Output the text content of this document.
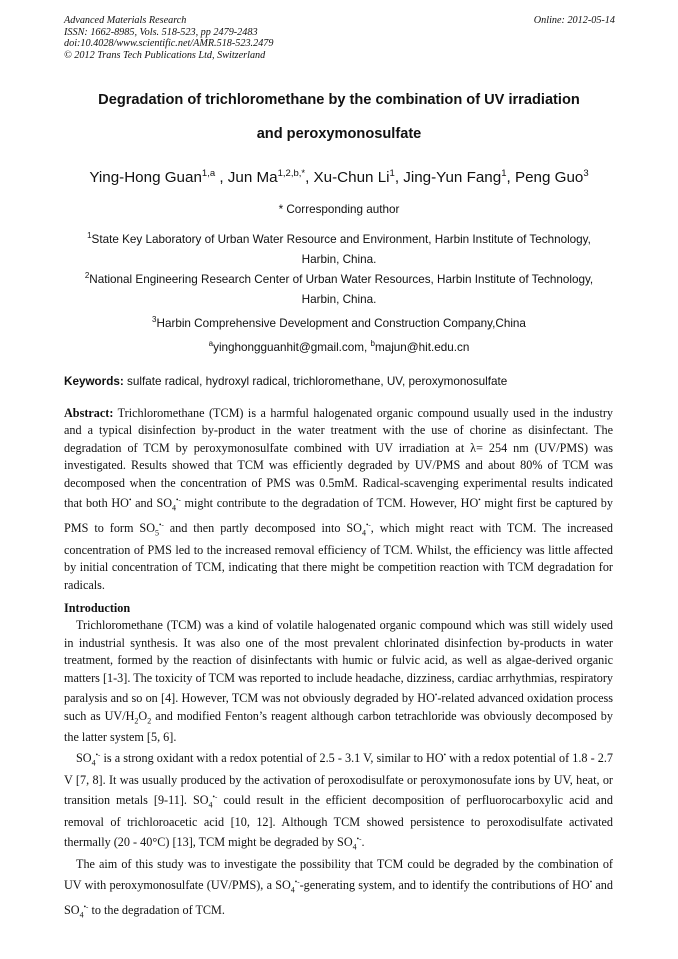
Advanced Materials Research
ISSN: 1662-8985, Vols. 518-523, pp 2479-2483
doi:10.4028/www.scientific.net/AMR.518-523.2479
© 2012 Trans Tech Publications Ltd, Switzerland
Online: 2012-05-14
Degradation of trichloromethane by the combination of UV irradiation
and peroxymonosulfate
Ying-Hong Guan$^{1,a}$ , Jun $Ma^{1,2,b,*}$, Xu-Chun Li$^1$, Jing-Yun Fang$^1$, Peng Guo$^3$
* Corresponding author
$^1$State Key Laboratory of Urban Water Resource and Environment, Harbin Institute of Technology,
Harbin, China.
$^2$National Engineering Research Center of Urban Water Resources, Harbin Institute of Technology,
Harbin, China.
$^3$Harbin Comprehensive Development and Construction Company,China
$^a$yinghongguanhit@gmail.com, $^b$majun@hit.edu.cn
Keywords: sulfate radical, hydroxyl radical, trichloromethane, UV, peroxymonosulfate

Abstract: Trichloromethane (TCM) is a harmful halogenated organic compound usually used in the industry and a typical disinfection by-product in the water treatment with the use of chorine as disinfectant. The degradation of TCM by peroxymonosulfate combined with UV irradiation at λ= 254 nm (UV/PMS) was investigated. Results showed that TCM was efficiently degraded by UV/PMS and about 80% of TCM was decomposed when the concentration of PMS was 0.5mM. Radical-scavenging experimental results indicated that both HO• and $SO_4^{•-}$ might contribute to the degradation of TCM. However, HO• might first be captured by PMS to form $SO_5^{•-}$ and then partly decomposed into $SO_4^{•-}$, which might react with TCM. The increased concentration of PMS led to the increased removal efficiency of TCM. Whilst, the efficiency was little affected by initial concentration of TCM, indicating that there might be competition reaction with TCM degradation for radicals.

Introduction

Trichloromethane (TCM) was a kind of volatile halogenated organic compound which was still widely used in industrial synthesis. It was also one of the most prevalent chlorinated disinfection by-products in water treatment, formed by the reaction of disinfectants with humic or fulvic acid, as well as algae-derived organic matters [1-3]. The toxicity of TCM was reported to include headache, dizziness, cardiac arrhythmias, respiratory paralysis and so on [4]. However, TCM was not obviously degraded by HO•-related advanced oxidation process such as $UV/H_2O_2$ and modified Fenton’s reagent although carbon tetrachloride was obviously decomposed by the latter system [5, 6].

$SO_4^{•-}$ is a strong oxidant with a redox potential of 2.5 - 3.1 V, similar to HO• with a redox potential of 1.8 - 2.7 V [7, 8]. It was usually produced by the activation of peroxodisulfate or peroxymonosufate ions by UV, heat, or transition metals [9-11]. $SO_4^{•-}$ could result in the efficient decomposition of perfluorocarboxylic acid and removal of trichloroacetic acid [10, 12]. Although TCM showed persistence to peroxodisulfate activated thermally (20 - 40°C) [13], TCM might be degraded by $SO_4^{•-}$.

The aim of this study was to investigate the possibility that TCM could be degraded by the combination of UV with peroxymonosulfate (UV/PMS), a $SO_4^{•-}$-generating system, and to identify the contributions of HO• and $SO_4^{•-}$ to the degradation of TCM.
